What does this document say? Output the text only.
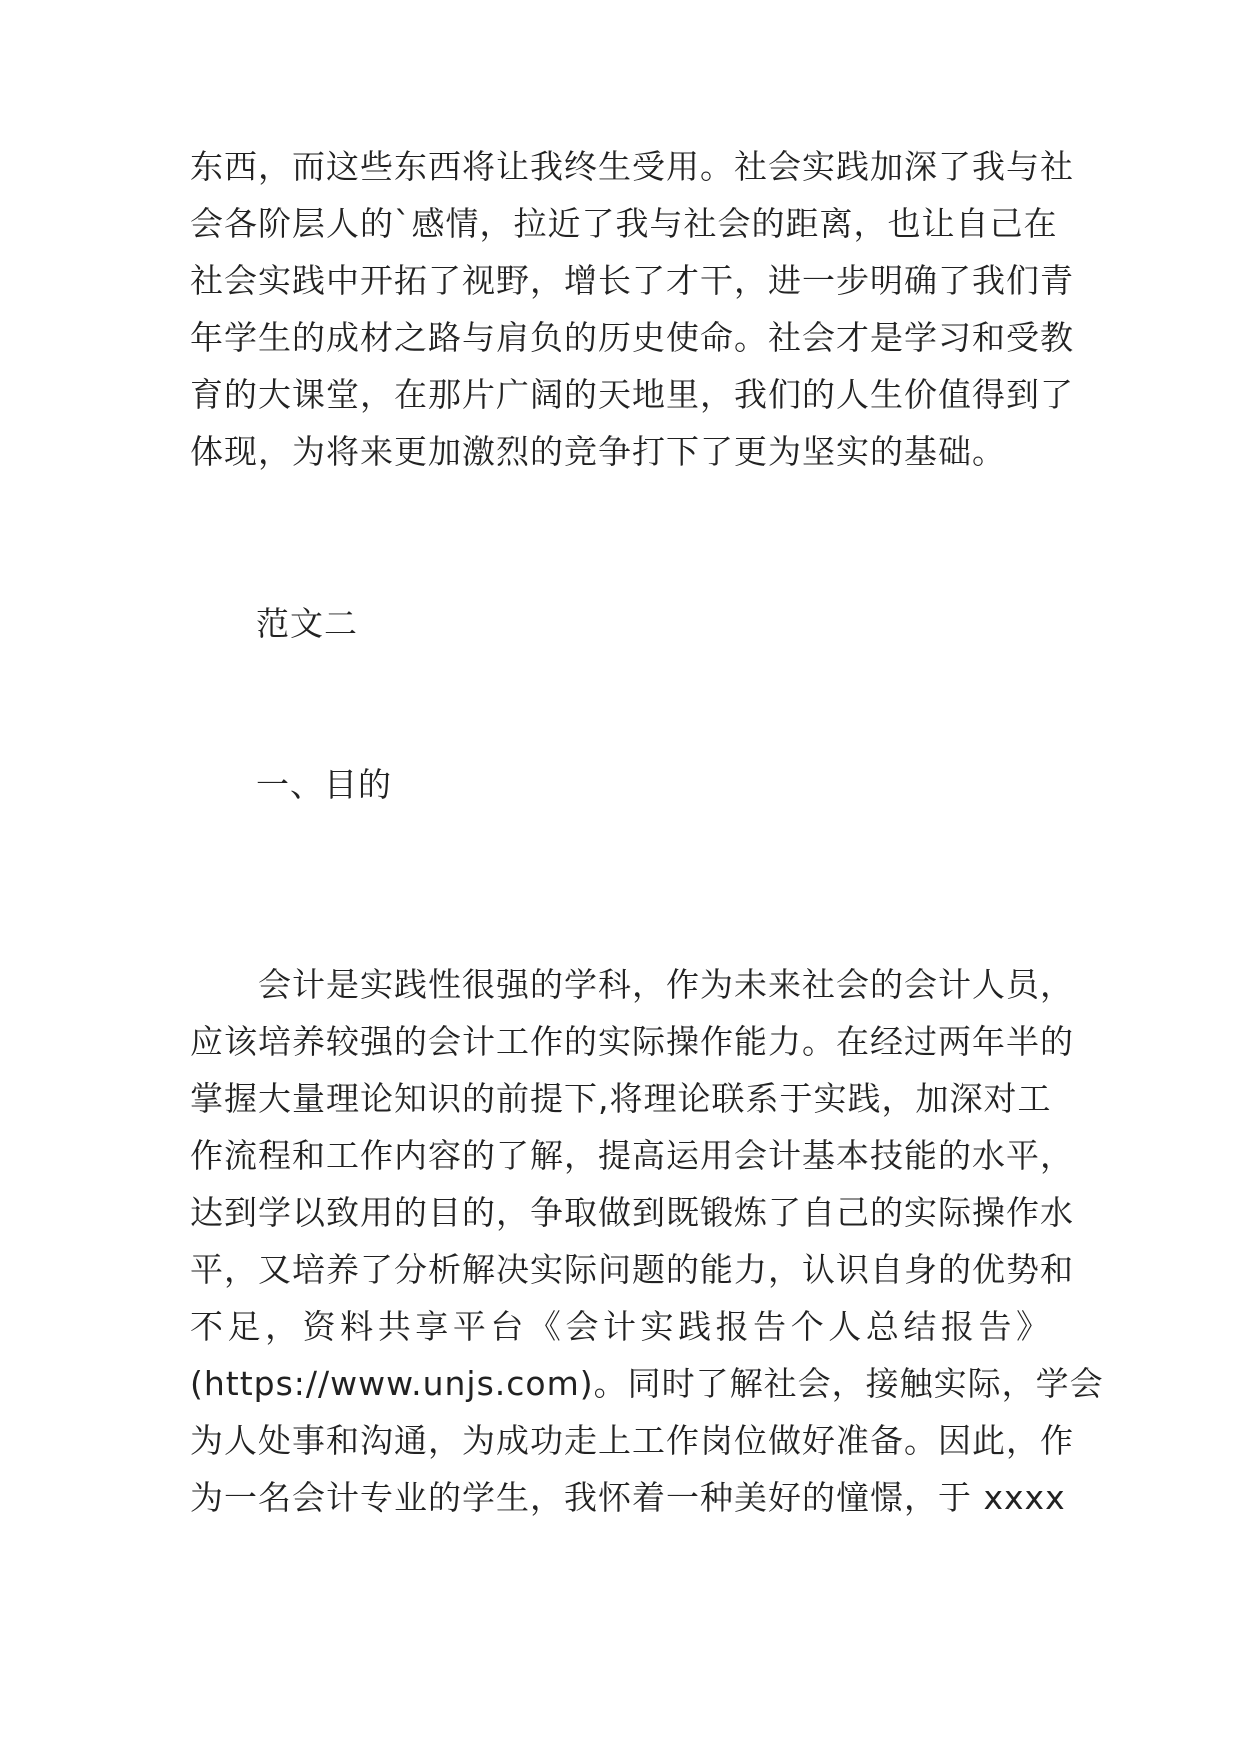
东西，而这些东西将让我终生受用。社会实践加深了我与社
会各阶层人的`感情，拉近了我与社会的距离，也让自己在
社会实践中开拓了视野，增长了才干，进一步明确了我们青
年学生的成材之路与肩负的历史使命。社会才是学习和受教
育的大课堂，在那片广阔的天地里，我们的人生价值得到了
体现，为将来更加激烈的竞争打下了更为坚实的基础。
范文二
一、目的
　　会计是实践性很强的学科，作为未来社会的会计人员，
应该培养较强的会计工作的实际操作能力。在经过两年半的
掌握大量理论知识的前提下,将理论联系于实践，加深对工
作流程和工作内容的了解，提高运用会计基本技能的水平，
达到学以致用的目的，争取做到既锻炼了自己的实际操作水
平，又培养了分析解决实际问题的能力，认识自身的优势和
不足，资料共享平台《会计实践报告个人总结报告》
(https://www.unjs.com)。同时了解社会，接触实际，学会
为人处事和沟通，为成功走上工作岗位做好准备。因此，作
为一名会计专业的学生，我怀着一种美好的憧憬，于 xxxx
